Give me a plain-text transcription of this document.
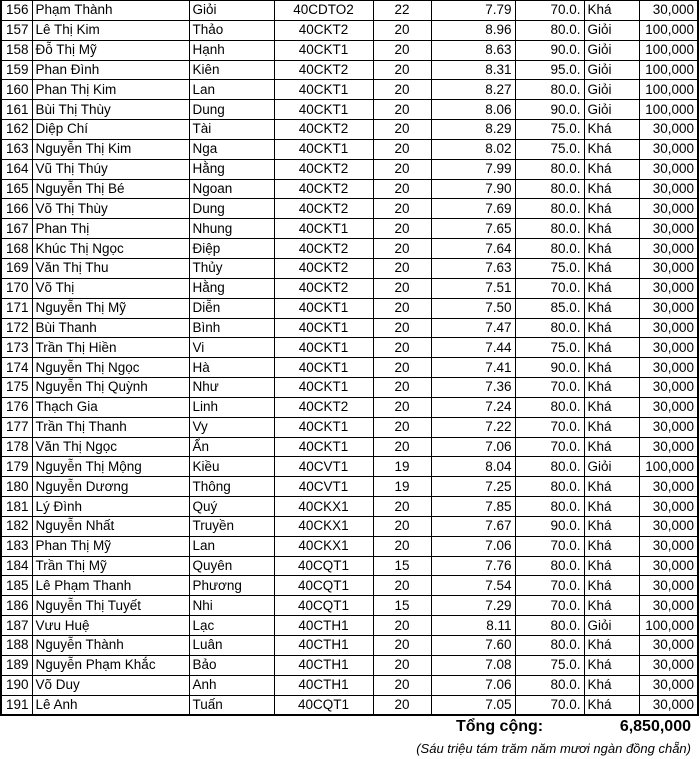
156	Phạm Thành	Giỏi	40CDTO2	22	7.79	70.0.	Khá	30,000
157	Lê Thị Kim	Thảo	40CKT2	20	8.96	80.0.	Giỏi	100,000
158	Đỗ Thị Mỹ	Hạnh	40CKT1	20	8.63	90.0.	Giỏi	100,000
159	Phan Đình	Kiên	40CKT2	20	8.31	95.0.	Giỏi	100,000
160	Phan Thị Kim	Lan	40CKT1	20	8.27	80.0.	Giỏi	100,000
161	Bùi Thị Thùy	Dung	40CKT1	20	8.06	90.0.	Giỏi	100,000
162	Diệp Chí	Tài	40CKT2	20	8.29	75.0.	Khá	30,000
163	Nguyễn Thị Kim	Nga	40CKT1	20	8.02	75.0.	Khá	30,000
164	Vũ Thị Thúy	Hằng	40CKT2	20	7.99	80.0.	Khá	30,000
165	Nguyễn Thị Bé	Ngoan	40CKT2	20	7.90	80.0.	Khá	30,000
166	Võ Thị Thùy	Dung	40CKT2	20	7.69	80.0.	Khá	30,000
167	Phan Thị	Nhung	40CKT1	20	7.65	80.0.	Khá	30,000
168	Khúc Thị Ngọc	Điệp	40CKT2	20	7.64	80.0.	Khá	30,000
169	Văn Thị Thu	Thủy	40CKT2	20	7.63	75.0.	Khá	30,000
170	Võ Thị	Hằng	40CKT2	20	7.51	70.0.	Khá	30,000
171	Nguyễn Thị Mỹ	Diễn	40CKT1	20	7.50	85.0.	Khá	30,000
172	Bùi Thanh	Bình	40CKT1	20	7.47	80.0.	Khá	30,000
173	Trần Thị Hiền	Vi	40CKT1	20	7.44	75.0.	Khá	30,000
174	Nguyễn Thị Ngọc	Hà	40CKT1	20	7.41	90.0.	Khá	30,000
175	Nguyễn Thị Quỳnh	Như	40CKT1	20	7.36	70.0.	Khá	30,000
176	Thạch Gia	Linh	40CKT2	20	7.24	80.0.	Khá	30,000
177	Trần Thị Thanh	Vy	40CKT1	20	7.22	70.0.	Khá	30,000
178	Văn Thị Ngọc	Ẩn	40CKT1	20	7.06	70.0.	Khá	30,000
179	Nguyễn Thị Mộng	Kiều	40CVT1	19	8.04	80.0.	Giỏi	100,000
180	Nguyễn Dương	Thông	40CVT1	19	7.25	80.0.	Khá	30,000
181	Lý Đình	Quý	40CKX1	20	7.85	80.0.	Khá	30,000
182	Nguyễn Nhất	Truyền	40CKX1	20	7.67	90.0.	Khá	30,000
183	Phan Thị Mỹ	Lan	40CKX1	20	7.06	70.0.	Khá	30,000
184	Trần Thị Mỹ	Quyên	40CQT1	15	7.76	80.0.	Khá	30,000
185	Lê Phạm Thanh	Phương	40CQT1	20	7.54	70.0.	Khá	30,000
186	Nguyễn Thị Tuyết	Nhi	40CQT1	15	7.29	70.0.	Khá	30,000
187	Vưu Huệ	Lạc	40CTH1	20	8.11	80.0.	Giỏi	100,000
188	Nguyễn Thành	Luân	40CTH1	20	7.60	80.0.	Khá	30,000
189	Nguyễn Phạm Khắc	Bảo	40CTH1	20	7.08	75.0.	Khá	30,000
190	Võ Duy	Anh	40CTH1	20	7.06	80.0.	Khá	30,000
191	Lê Anh	Tuấn	40CQT1	20	7.05	70.0.	Khá	30,000
Tổng cộng:	6,850,000
(Sáu triệu tám trăm năm mươi ngàn đồng chẵn)
